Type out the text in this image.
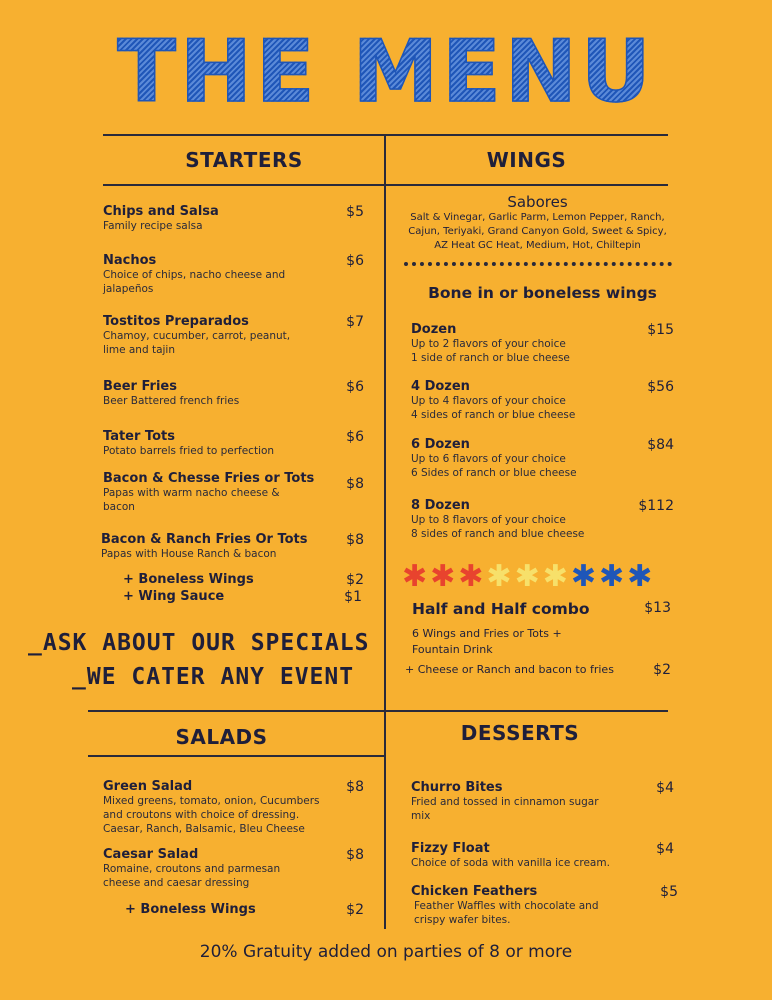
THE MENU
STARTERS
Chips and Salsa
Family recipe salsa
$5
Nachos
Choice of chips, nacho cheese and jalapeños
$6
Tostitos Preparados
Chamoy, cucumber, carrot, peanut, lime and tajin
$7
Beer Fries
Beer Battered french fries
$6
Tater Tots
Potato barrels fried to perfection
$6
Bacon & Chesse Fries or Tots
Papas with warm nacho cheese & bacon
$8
Bacon & Ranch Fries Or Tots
Papas with House Ranch & bacon
$8
+ Boneless Wings	$2
+ Wing Sauce	$1
_ASK ABOUT OUR SPECIALS
_WE CATER ANY EVENT
WINGS
Sabores
Salt & Vinegar, Garlic Parm, Lemon Pepper, Ranch, Cajun, Teriyaki, Grand Canyon Gold, Sweet & Spicy, AZ Heat GC Heat, Medium, Hot, Chiltepin
Bone in or boneless wings
Dozen
Up to 2 flavors of your choice
1 side of ranch or blue cheese
$15
4 Dozen
Up to 4 flavors of your choice
4 sides of ranch or blue cheese
$56
6 Dozen
Up to 6 flavors of your choice
6 Sides of ranch or blue cheese
$84
8 Dozen
Up to 8 flavors of your choice
8 sides of ranch and blue cheese
$112
✱ ✱ ✱ ✱ ✱ ✱ ✱ ✱ ✱
Half and Half combo	$13
6 Wings and Fries or Tots + Fountain Drink
+ Cheese or Ranch and bacon to fries	$2
SALADS
Green Salad
Mixed greens, tomato, onion, Cucumbers and croutons with choice of dressing. Caesar, Ranch, Balsamic, Bleu Cheese
$8
Caesar Salad
Romaine, croutons and parmesan cheese and caesar dressing
$8
+ Boneless Wings	$2
DESSERTS
Churro Bites
Fried and tossed in cinnamon sugar mix
$4
Fizzy Float
Choice of soda with vanilla ice cream.
$4
Chicken Feathers
Feather Waffles with chocolate and crispy wafer bites.
$5
20% Gratuity added on parties of 8 or more
